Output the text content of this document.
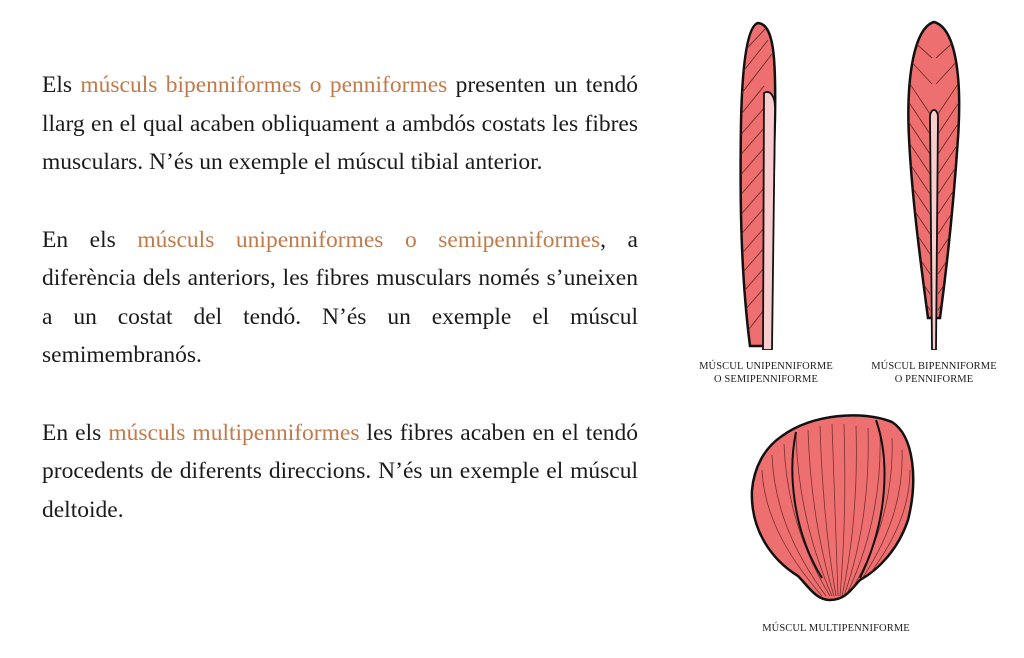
Els músculs bipenniformes o penniformes presenten un tendó llarg en el qual acaben obliquament a ambdós costats les fibres musculars. N’és un exemple el múscul tibial anterior.

En els músculs unipenniformes o semipenniformes, a diferència dels anteriors, les fibres musculars només s’uneixen a un costat del tendó. N’és un exemple el múscul semimembranós.

En els músculs multipenniformes les fibres acaben en el tendó procedents de diferents direccions. N’és un exemple el múscul deltoide.

MÚSCUL UNIPENNIFORME
O SEMIPENNIFORME
MÚSCUL BIPENNIFORME
O PENNIFORME
MÚSCUL MULTIPENNIFORME
